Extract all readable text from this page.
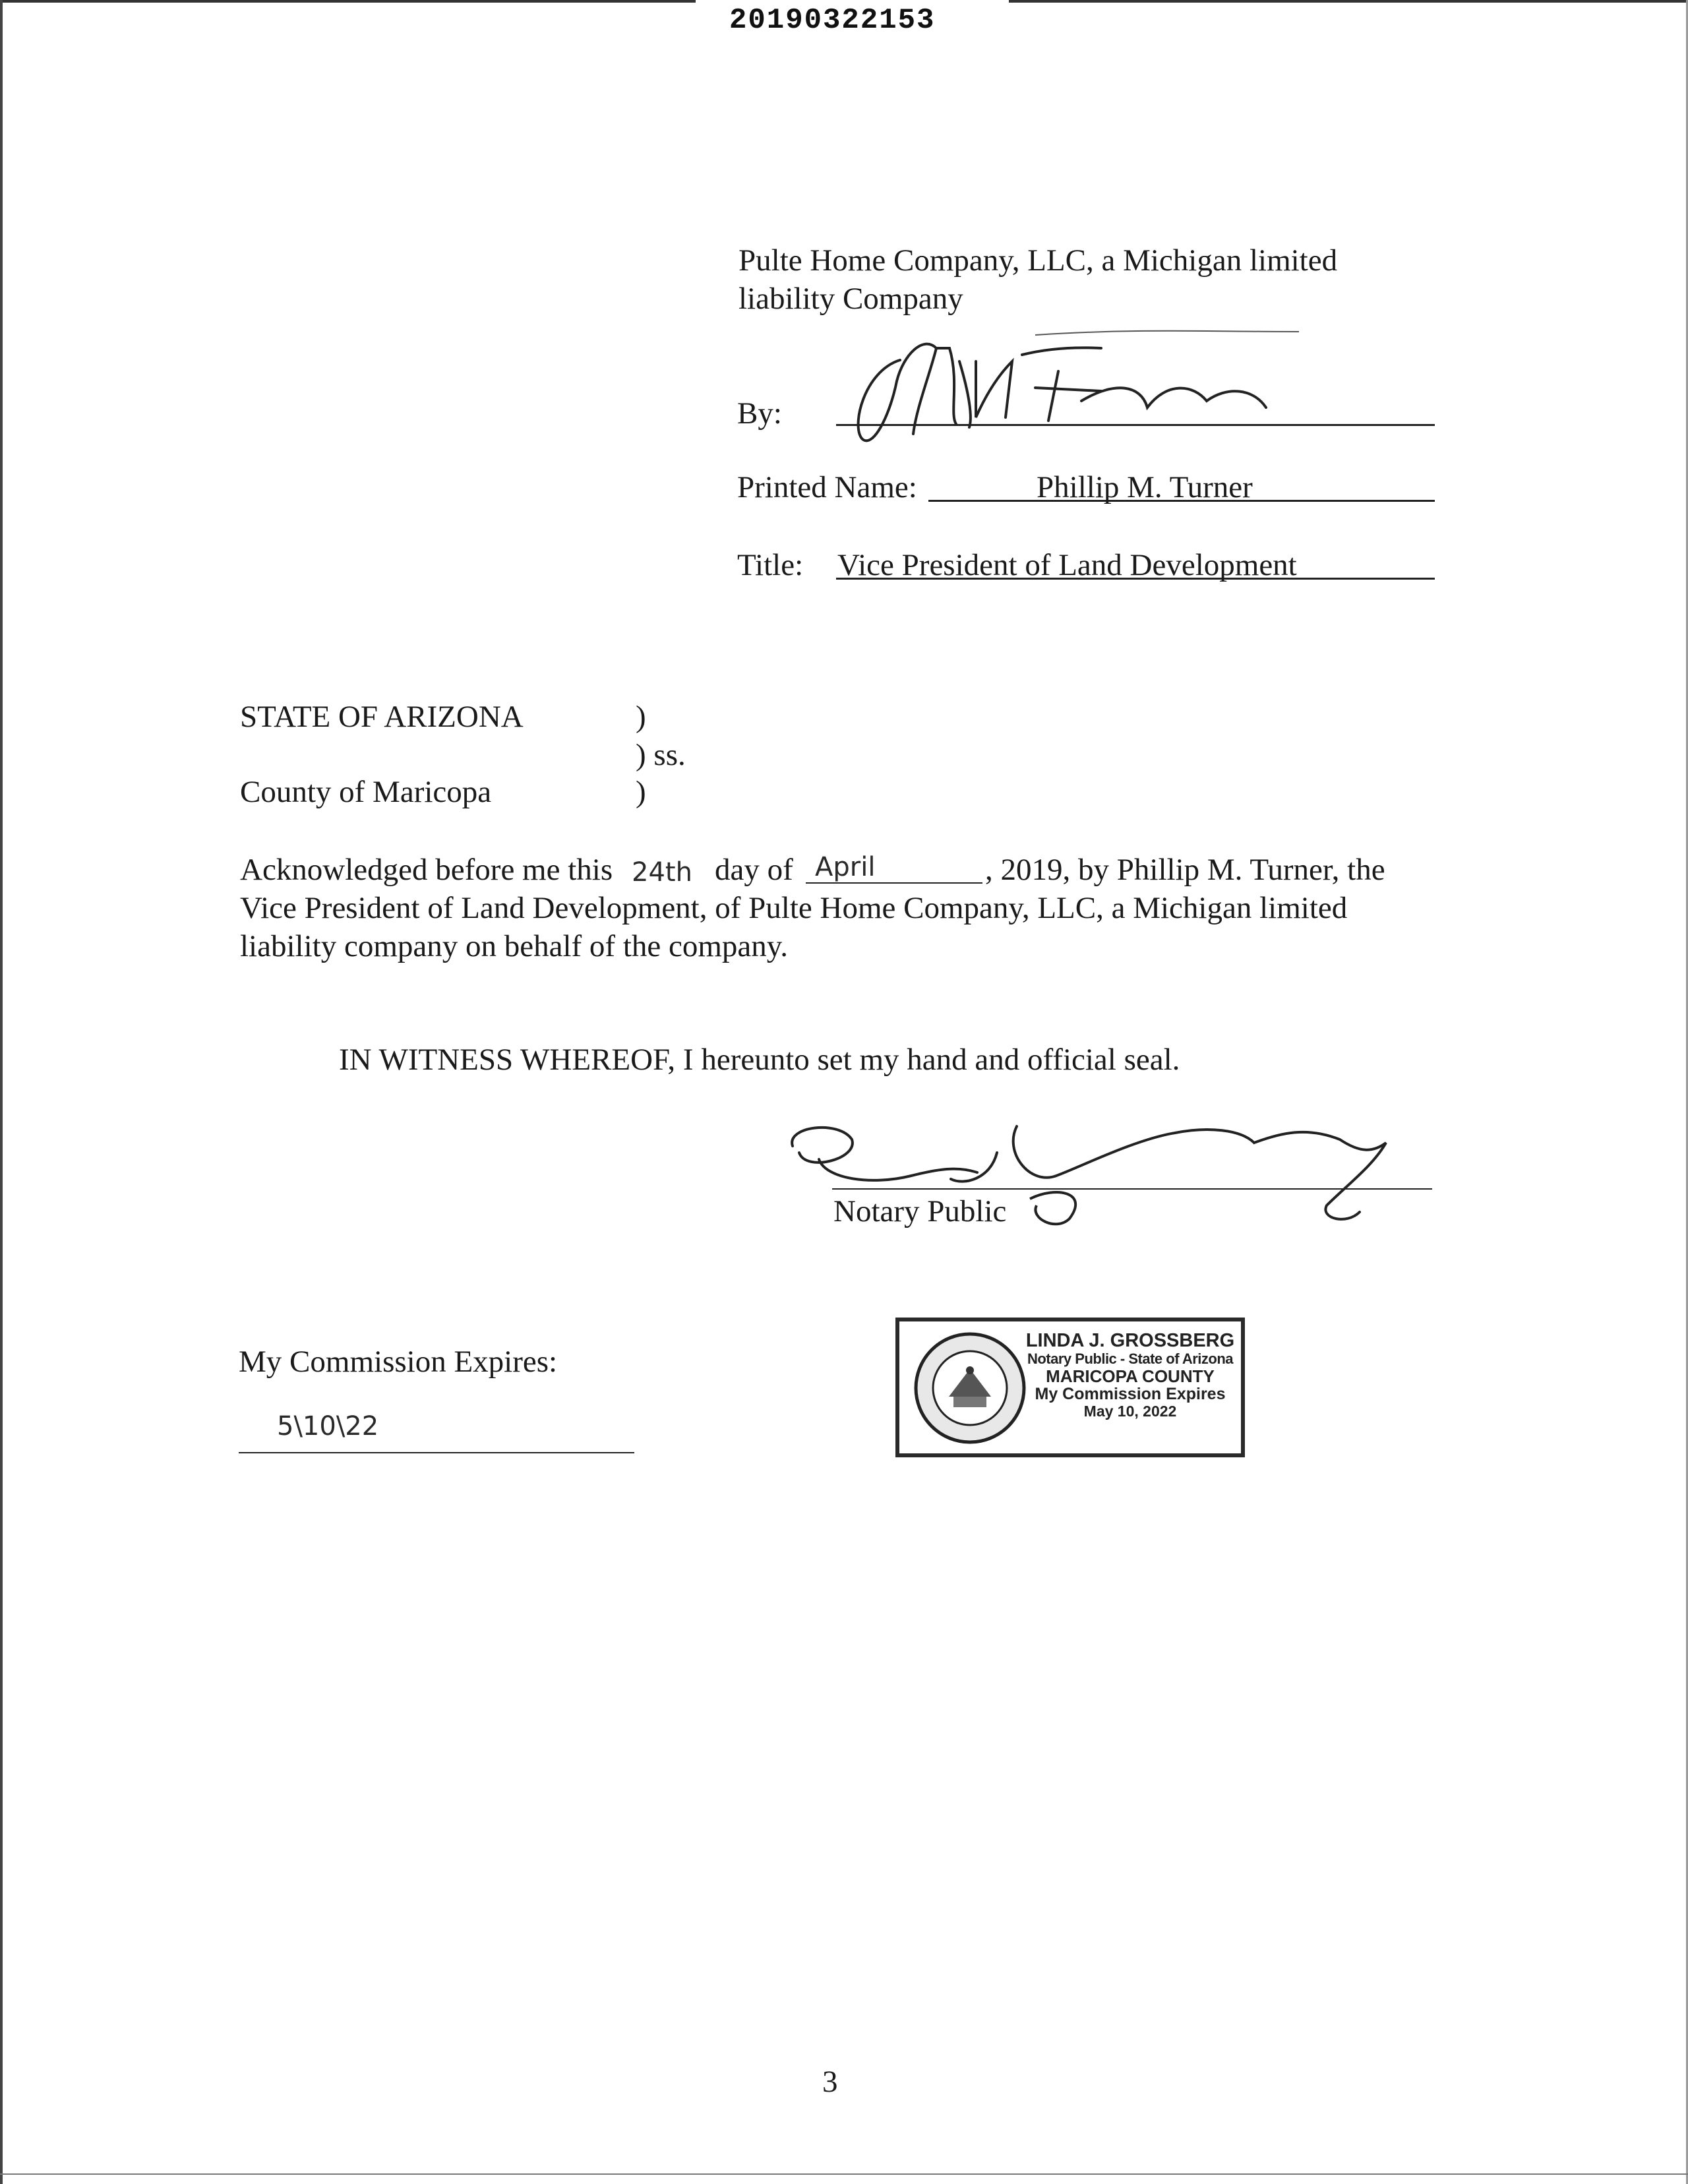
20190322153
Pulte Home Company, LLC, a Michigan limited
liability Company
By:
Printed Name:	Phillip M. Turner
Title: Vice President of Land Development
STATE OF ARIZONA	)
) ss.
County of Maricopa	)
Acknowledged before me this 24th day of April	, 2019, by Phillip M. Turner, the
Vice President of Land Development, of Pulte Home Company, LLC, a Michigan limited
liability company on behalf of the company.
IN WITNESS WHEREOF, I hereunto set my hand and official seal.
Notary Public
My Commission Expires:
5\10\22
LINDA J. GROSSBERG
Notary Public - State of Arizona
MARICOPA COUNTY
My Commission Expires
May 10, 2022
3
